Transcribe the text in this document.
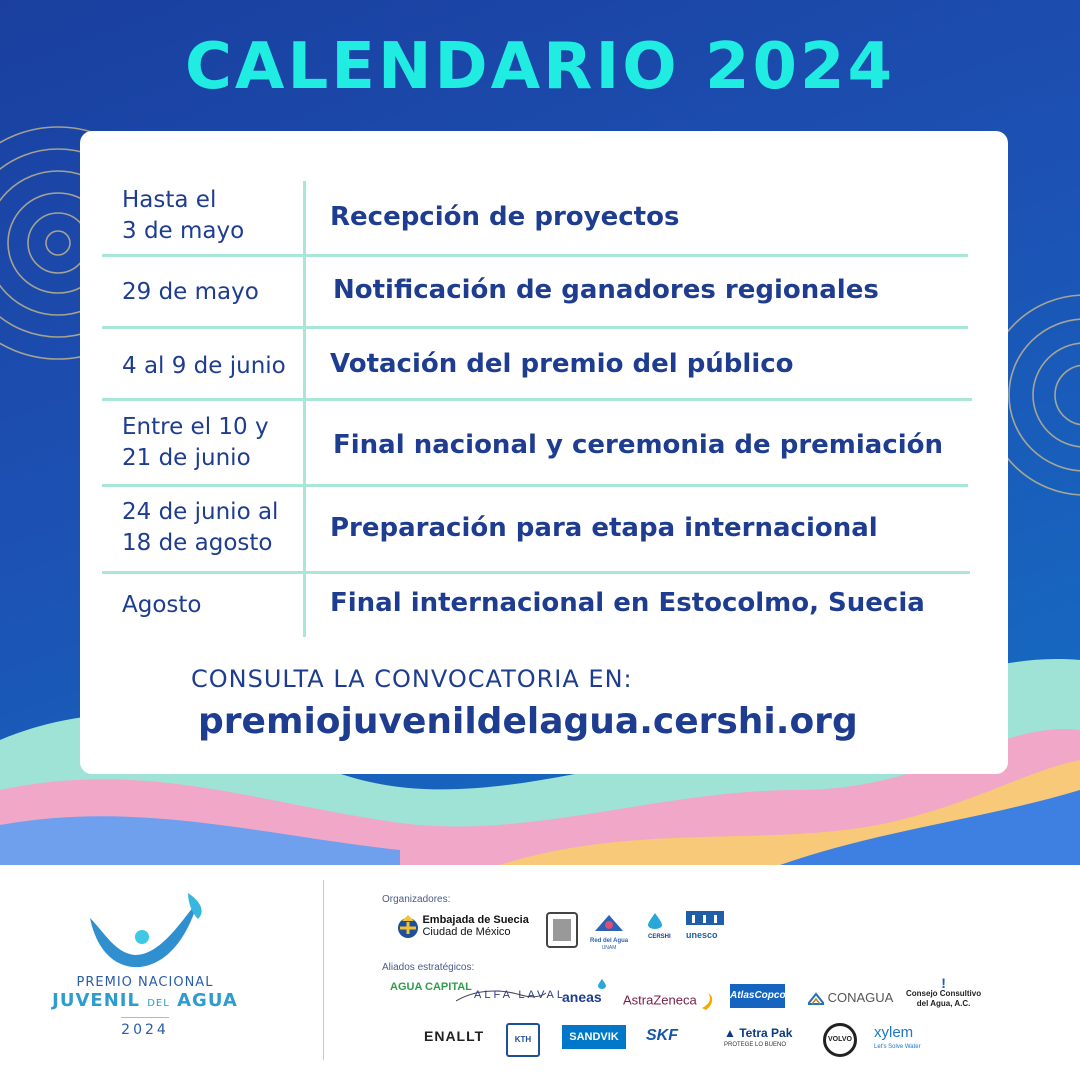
CALENDARIO 2024
Hasta el
3 de mayo	Recepción de proyectos
29 de mayo	Notificación de ganadores regionales
4 al 9 de junio	Votación del premio del público
Entre el 10 y
21 de junio	Final nacional y ceremonia de premiación
24 de junio al
18 de agosto	Preparación para etapa internacional
Agosto	Final internacional en Estocolmo, Suecia
CONSULTA LA CONVOCATORIA EN:
premiojuvenildelagua.cershi.org
PREMIO NACIONAL
JUVENIL DEL AGUA
2024
Organizadores:
Embajada de Suecia
Ciudad de México
Red del Agua
UNAM
CERSHI unesco
Aliados estratégicos:
AGUA CAPITAL
ALFA LAVAL
aneas AstraZeneca	AtlasCopco	CONAGUA
!
Consejo Consultivo
del Agua, A.C.
ENALLT	KTH	SANDVIK	SKF	▲ Tetra Pak
PROTEGE LO BUENO
VOLVO	xylem
Let's Solve Water
